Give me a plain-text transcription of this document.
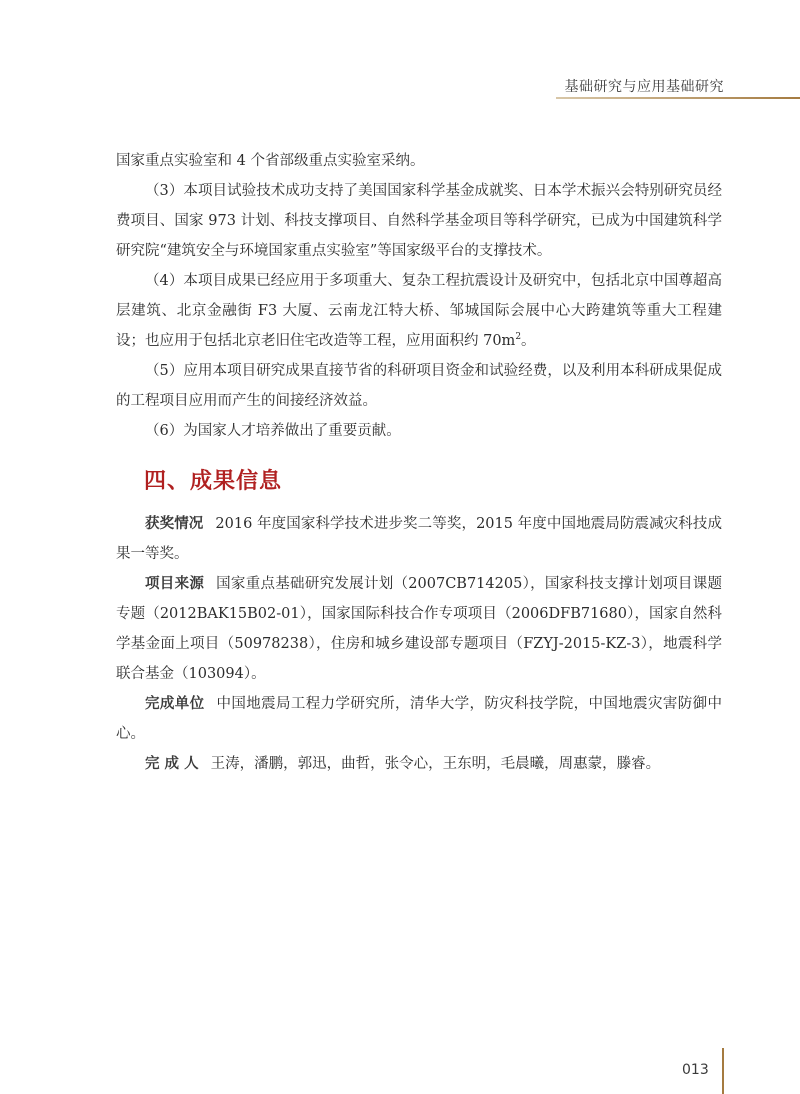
基础研究与应用基础研究

国家重点实验室和 4 个省部级重点实验室采纳。

（3）本项目试验技术成功支持了美国国家科学基金成就奖、日本学术振兴会特别研究员经费项目、国家 973 计划、科技支撑项目、自然科学基金项目等科学研究，已成为中国建筑科学研究院“建筑安全与环境国家重点实验室”等国家级平台的支撑技术。

（4）本项目成果已经应用于多项重大、复杂工程抗震设计及研究中，包括北京中国尊超高层建筑、北京金融街 F3 大厦、云南龙江特大桥、邹城国际会展中心大跨建筑等重大工程建设；也应用于包括北京老旧住宅改造等工程，应用面积约 $70m^2$。

（5）应用本项目研究成果直接节省的科研项目资金和试验经费，以及利用本科研成果促成的工程项目应用而产生的间接经济效益。

（6）为国家人才培养做出了重要贡献。

四、成果信息

获奖情况 2016 年度国家科学技术进步奖二等奖，2015 年度中国地震局防震减灾科技成果一等奖。

项目来源 国家重点基础研究发展计划（2007CB714205），国家科技支撑计划项目课题专题（2012BAK15B02-01），国家国际科技合作专项项目（2006DFB71680），国家自然科学基金面上项目（50978238），住房和城乡建设部专题项目（FZYJ-2015-KZ-3），地震科学联合基金（103094）。

完成单位 中国地震局工程力学研究所，清华大学，防灾科技学院，中国地震灾害防御中心。

完 成 人 王涛，潘鹏，郭迅，曲哲，张令心，王东明，毛晨曦，周惠蒙，滕睿。

013
